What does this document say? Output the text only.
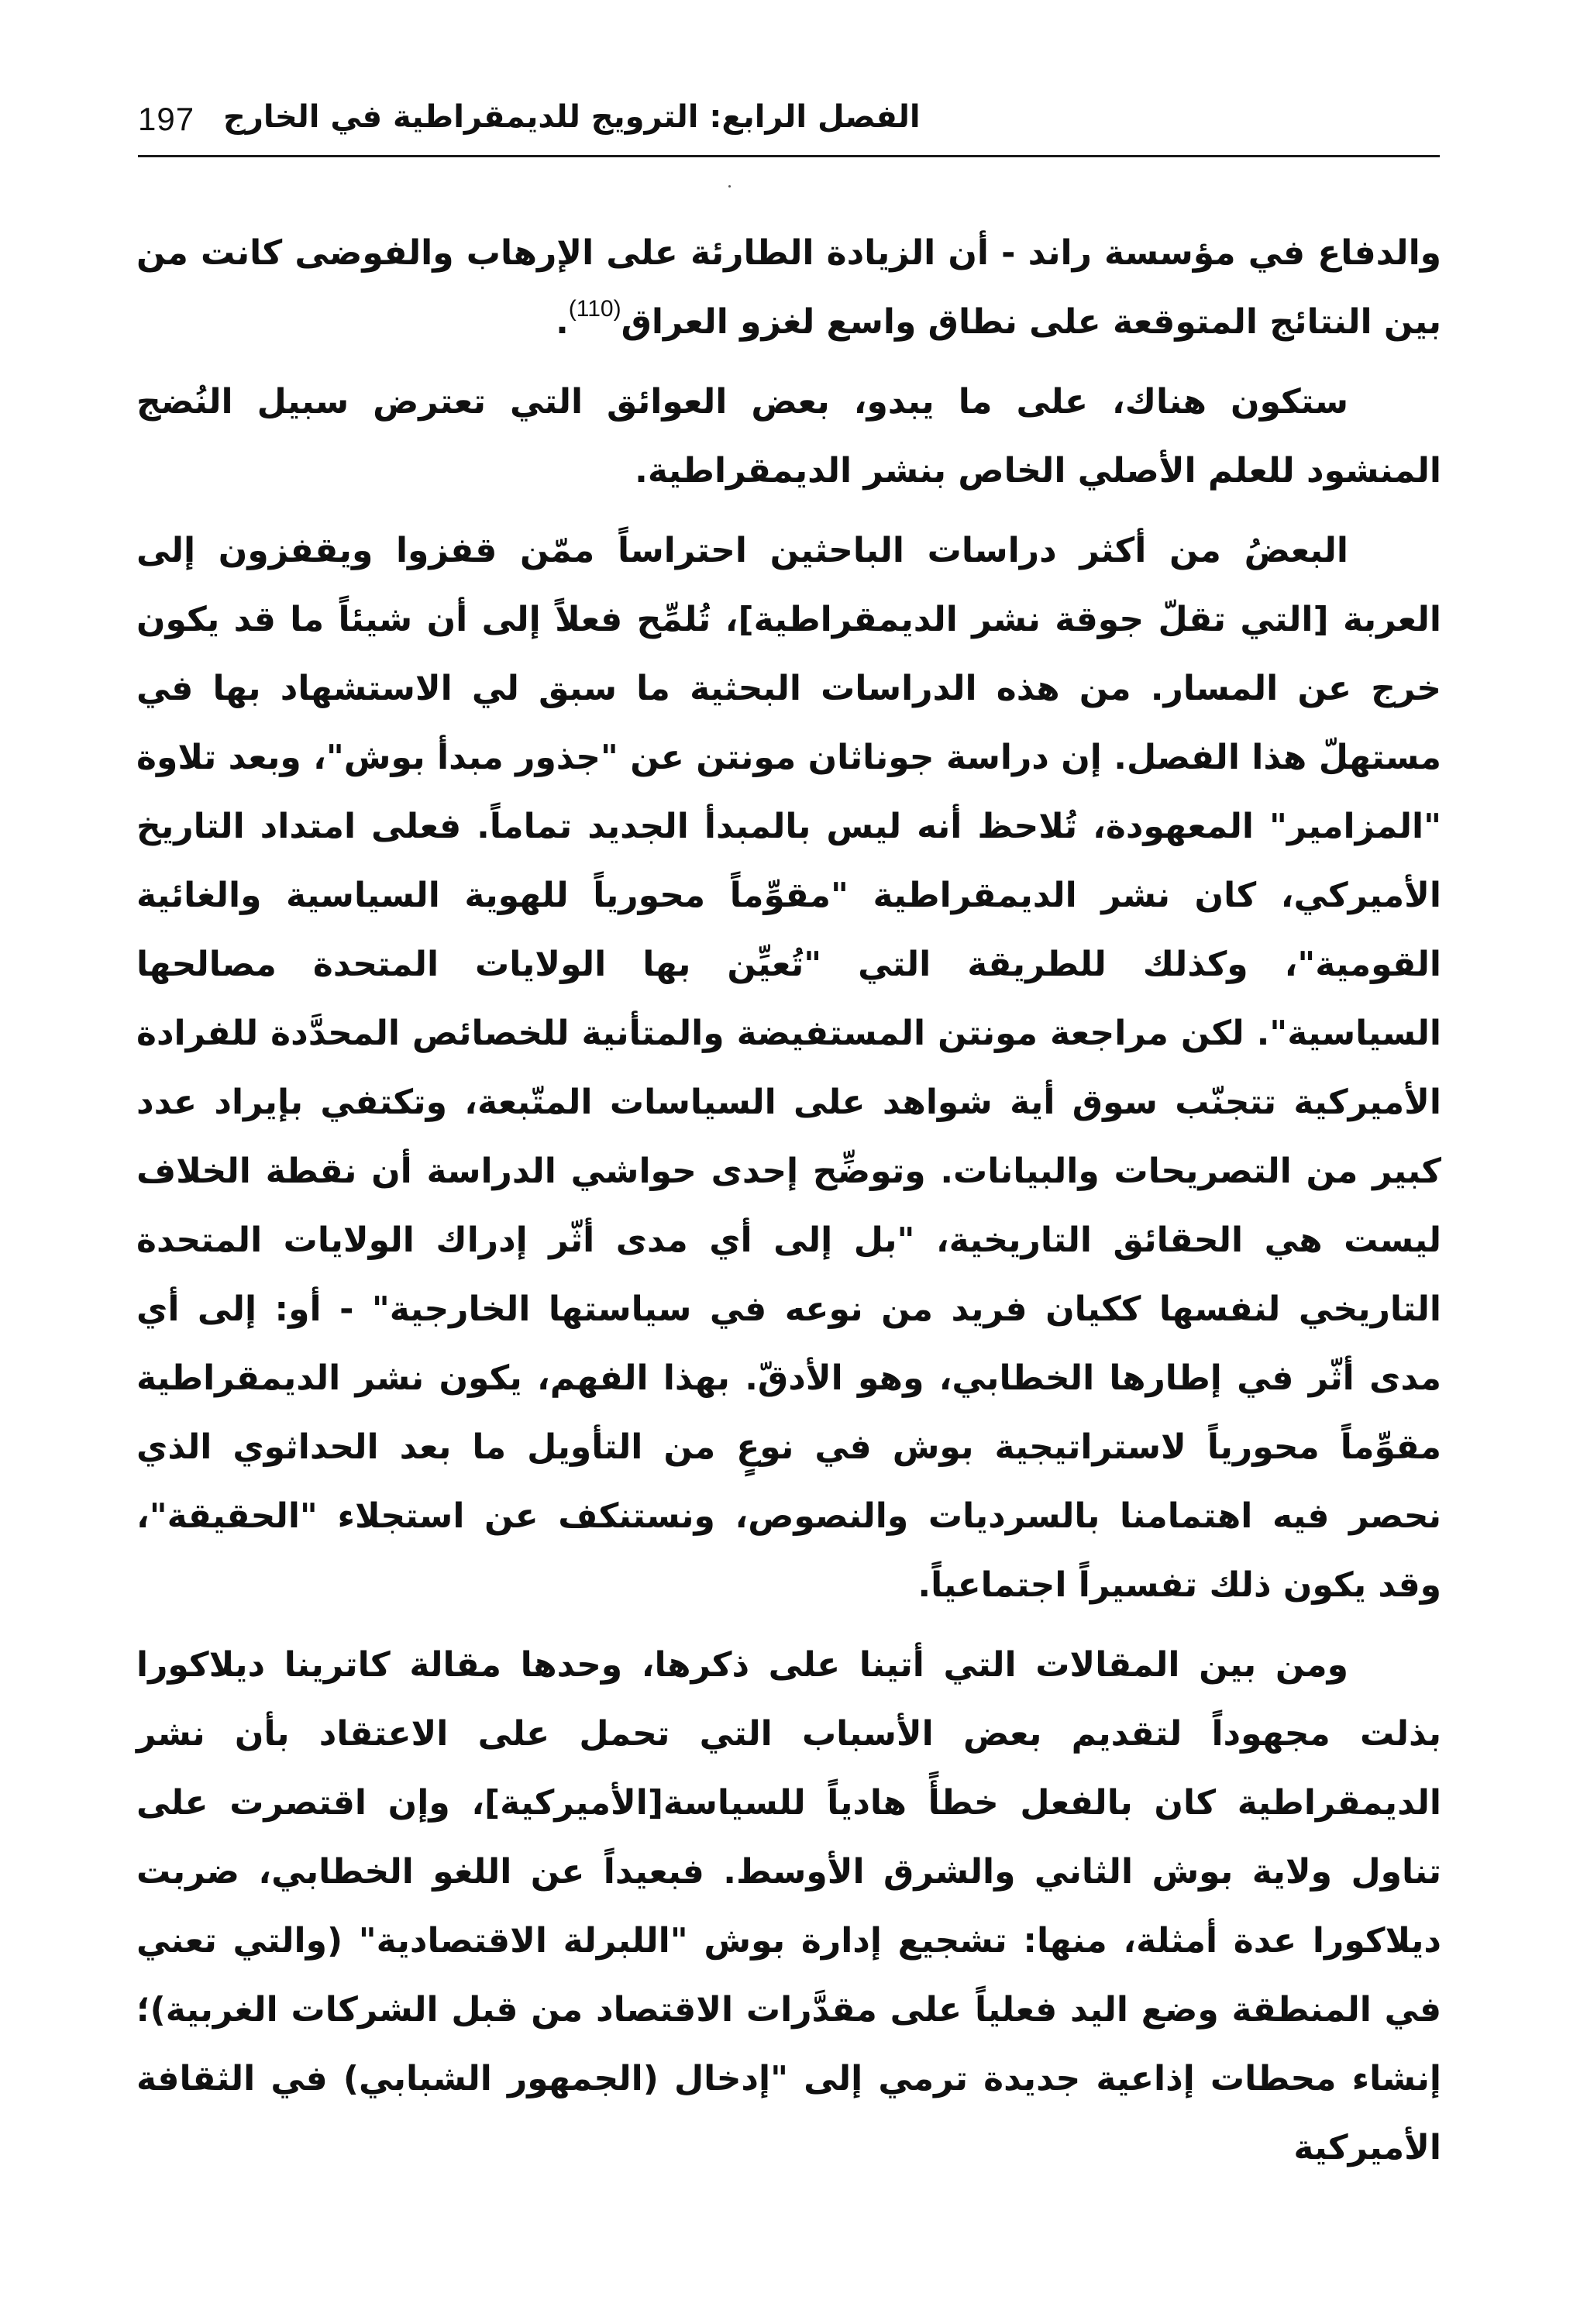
197 الفصل الرابع: الترويج للديمقراطية في الخارج

والدفاع في مؤسسة راند - أن الزيادة الطارئة على الإرهاب والفوضى كانت من بين النتائج المتوقعة على نطاق واسع لغزو العراق$^{(110)}$.

ستكون هناك، على ما يبدو، بعض العوائق التي تعترض سبيل النُضج المنشود للعلم الأصلي الخاص بنشر الديمقراطية.

البعضُ من أكثر دراسات الباحثين احتراساً ممّن قفزوا ويقفزون إلى العربة [التي تقلّ جوقة نشر الديمقراطية]، تُلمِّح فعلاً إلى أن شيئاً ما قد يكون خرج عن المسار. من هذه الدراسات البحثية ما سبق لي الاستشهاد بها في مستهلّ هذا الفصل. إن دراسة جوناثان مونتن عن "جذور مبدأ بوش"، وبعد تلاوة "المزامير" المعهودة، تُلاحظ أنه ليس بالمبدأ الجديد تماماً. فعلى امتداد التاريخ الأميركي، كان نشر الديمقراطية "مقوِّماً محورياً للهوية السياسية والغائية القومية"، وكذلك للطريقة التي "تُعيِّن بها الولايات المتحدة مصالحها السياسية". لكن مراجعة مونتن المستفيضة والمتأنية للخصائص المحدَّدة للفرادة الأميركية تتجنّب سوق أية شواهد على السياسات المتّبعة، وتكتفي بإيراد عدد كبير من التصريحات والبيانات. وتوضِّح إحدى حواشي الدراسة أن نقطة الخلاف ليست هي الحقائق التاريخية، "بل إلى أي مدى أثّر إدراك الولايات المتحدة التاريخي لنفسها ككيان فريد من نوعه في سياستها الخارجية" - أو: إلى أي مدى أثّر في إطارها الخطابي، وهو الأدقّ. بهذا الفهم، يكون نشر الديمقراطية مقوِّماً محورياً لاستراتيجية بوش في نوعٍ من التأويل ما بعد الحداثوي الذي نحصر فيه اهتمامنا بالسرديات والنصوص، ونستنكف عن استجلاء "الحقيقة"، وقد يكون ذلك تفسيراً اجتماعياً.

ومن بين المقالات التي أتينا على ذكرها، وحدها مقالة كاترينا ديلاكورا بذلت مجهوداً لتقديم بعض الأسباب التي تحمل على الاعتقاد بأن نشر الديمقراطية كان بالفعل خطأً هادياً للسياسة[الأميركية]، وإن اقتصرت على تناول ولاية بوش الثاني والشرق الأوسط. فبعيداً عن اللغو الخطابي، ضربت ديلاكورا عدة أمثلة، منها: تشجيع إدارة بوش "اللبرلة الاقتصادية" (والتي تعني في المنطقة وضع اليد فعلياً على مقدَّرات الاقتصاد من قبل الشركات الغربية)؛ إنشاء محطات إذاعية جديدة ترمي إلى "إدخال (الجمهور الشبابي) في الثقافة الأميركية
